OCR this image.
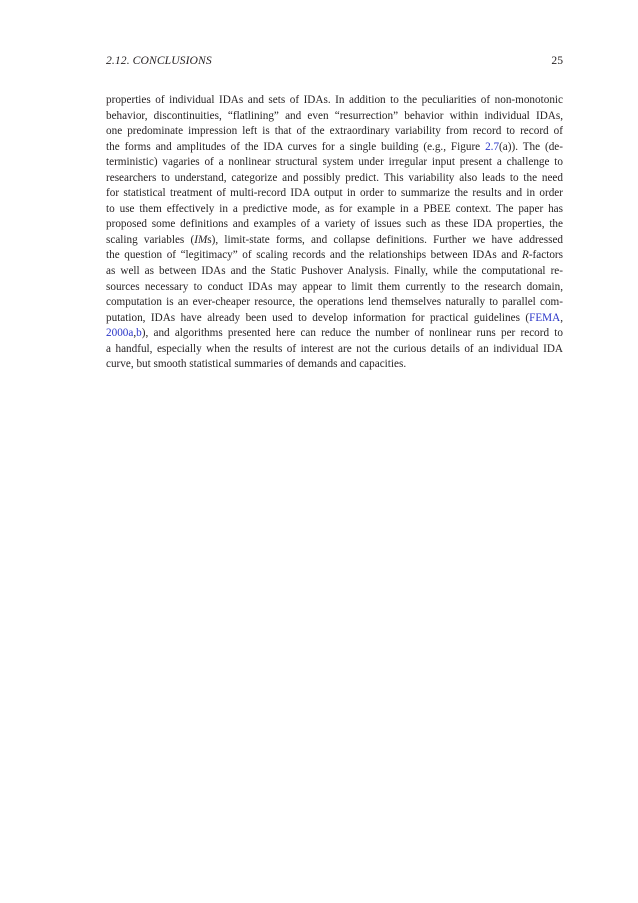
2.12. CONCLUSIONS	25
properties of individual IDAs and sets of IDAs. In addition to the peculiarities of non-monotonic
behavior, discontinuities, “flatlining” and even “resurrection” behavior within individual IDAs,
one predominate impression left is that of the extraordinary variability from record to record of
the forms and amplitudes of the IDA curves for a single building (e.g., Figure 2.7(a)). The (de-
terministic) vagaries of a nonlinear structural system under irregular input present a challenge to
researchers to understand, categorize and possibly predict. This variability also leads to the need
for statistical treatment of multi-record IDA output in order to summarize the results and in order
to use them effectively in a predictive mode, as for example in a PBEE context. The paper has
proposed some definitions and examples of a variety of issues such as these IDA properties, the
scaling variables (IMs), limit-state forms, and collapse definitions. Further we have addressed
the question of “legitimacy” of scaling records and the relationships between IDAs and R-factors
as well as between IDAs and the Static Pushover Analysis. Finally, while the computational re-
sources necessary to conduct IDAs may appear to limit them currently to the research domain,
computation is an ever-cheaper resource, the operations lend themselves naturally to parallel com-
putation, IDAs have already been used to develop information for practical guidelines (FEMA,
2000a,b), and algorithms presented here can reduce the number of nonlinear runs per record to
a handful, especially when the results of interest are not the curious details of an individual IDA
curve, but smooth statistical summaries of demands and capacities.
